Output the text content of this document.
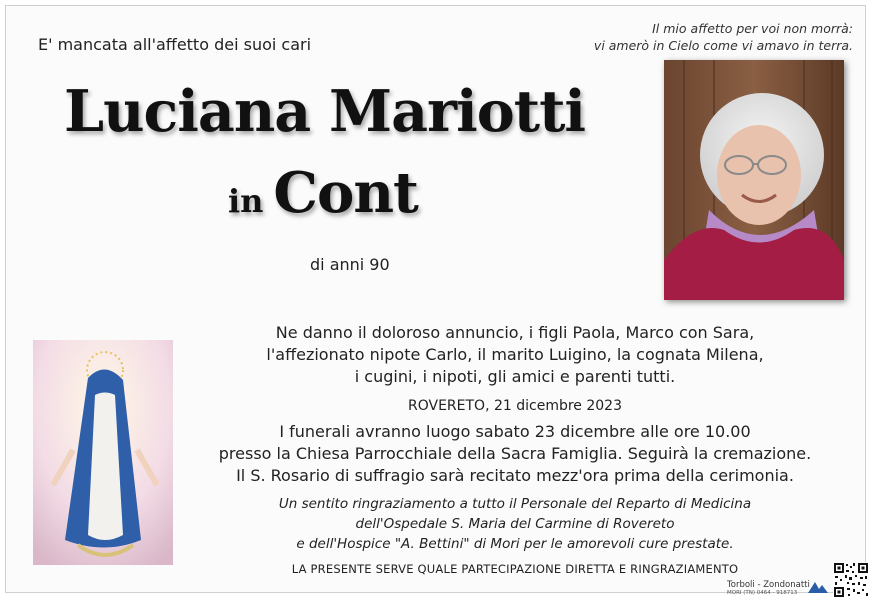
E' mancata all'affetto dei suoi cari
Il mio affetto per voi non morrà:
vi amerò in Cielo come vi amavo in terra.
Luciana Mariotti
in Cont
di anni 90
Ne danno il doloroso annuncio, i figli Paola, Marco con Sara,
l'affezionato nipote Carlo, il marito Luigino, la cognata Milena,
i cugini, i nipoti, gli amici e parenti tutti.
ROVERETO, 21 dicembre 2023
I funerali avranno luogo sabato 23 dicembre alle ore 10.00
presso la Chiesa Parrocchiale della Sacra Famiglia. Seguirà la cremazione.
Il S. Rosario di suffragio sarà recitato mezz'ora prima della cerimonia.
Un sentito ringraziamento a tutto il Personale del Reparto di Medicina
dell'Ospedale S. Maria del Carmine di Rovereto
e dell'Hospice "A. Bettini" di Mori per le amorevoli cure prestate.
LA PRESENTE SERVE QUALE PARTECIPAZIONE DIRETTA E RINGRAZIAMENTO
Torboli - Zondonatti
MORI (TN) 0464 - 918713
